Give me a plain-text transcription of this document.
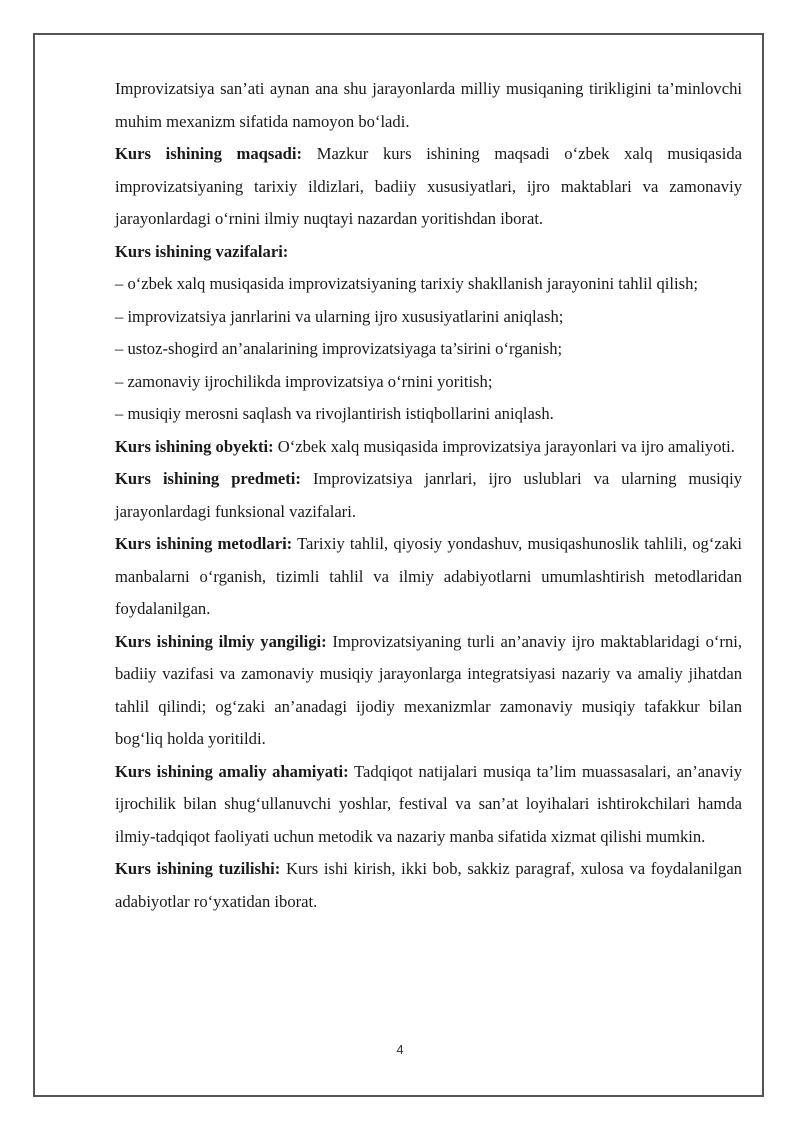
Improvizatsiya san’ati aynan ana shu jarayonlarda milliy musiqaning tirikligini ta’minlovchi muhim mexanizm sifatida namoyon bo‘ladi.

Kurs ishining maqsadi: Mazkur kurs ishining maqsadi o‘zbek xalq musiqasida improvizatsiyaning tarixiy ildizlari, badiiy xususiyatlari, ijro maktablari va zamonaviy jarayonlardagi o‘rnini ilmiy nuqtayi nazardan yoritishdan iborat.

Kurs ishining vazifalari:

– o‘zbek xalq musiqasida improvizatsiyaning tarixiy shakllanish jarayonini tahlil qilish;

– improvizatsiya janrlarini va ularning ijro xususiyatlarini aniqlash;

– ustoz-shogird an’analarining improvizatsiyaga ta’sirini o‘rganish;

– zamonaviy ijrochilikda improvizatsiya o‘rnini yoritish;

– musiqiy merosni saqlash va rivojlantirish istiqbollarini aniqlash.

Kurs ishining obyekti: O‘zbek xalq musiqasida improvizatsiya jarayonlari va ijro amaliyoti.

Kurs ishining predmeti: Improvizatsiya janrlari, ijro uslublari va ularning musiqiy jarayonlardagi funksional vazifalari.

Kurs ishining metodlari: Tarixiy tahlil, qiyosiy yondashuv, musiqashunoslik tahlili, og‘zaki manbalarni o‘rganish, tizimli tahlil va ilmiy adabiyotlarni umumlashtirish metodlaridan foydalanilgan.

Kurs ishining ilmiy yangiligi: Improvizatsiyaning turli an’anaviy ijro maktablaridagi o‘rni, badiiy vazifasi va zamonaviy musiqiy jarayonlarga integratsiyasi nazariy va amaliy jihatdan tahlil qilindi; og‘zaki an’anadagi ijodiy mexanizmlar zamonaviy musiqiy tafakkur bilan bog‘liq holda yoritildi.

Kurs ishining amaliy ahamiyati: Tadqiqot natijalari musiqa ta’lim muassasalari, an’anaviy ijrochilik bilan shug‘ullanuvchi yoshlar, festival va san’at loyihalari ishtirokchilari hamda ilmiy-tadqiqot faoliyati uchun metodik va nazariy manba sifatida xizmat qilishi mumkin.

Kurs ishining tuzilishi: Kurs ishi kirish, ikki bob, sakkiz paragraf, xulosa va foydalanilgan adabiyotlar ro‘yxatidan iborat.

4
